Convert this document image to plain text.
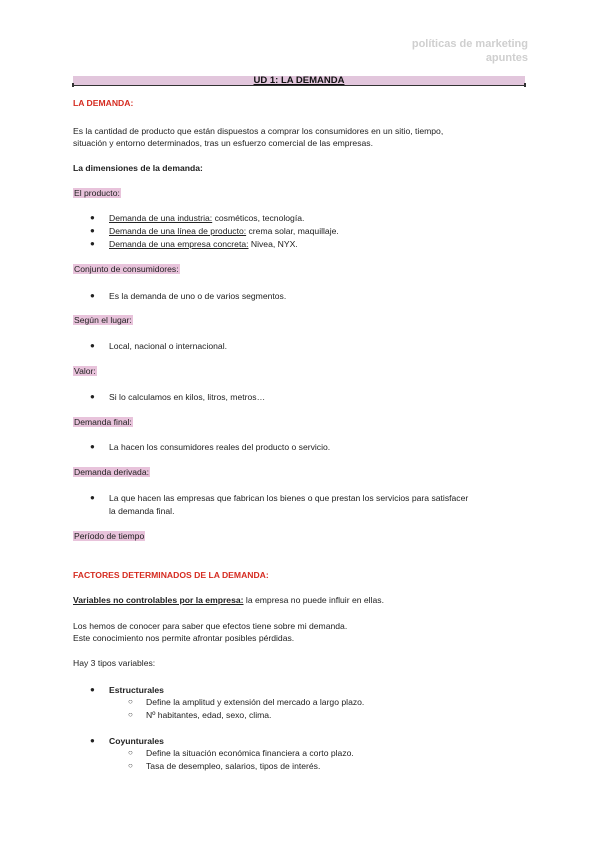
políticas de marketing
apuntes
UD 1: LA DEMANDA
LA DEMANDA:
Es la cantidad de producto que están dispuestos a comprar los consumidores en un sitio, tiempo,
situación y entorno determinados, tras un esfuerzo comercial de las empresas.
La dimensiones de la demanda:
El producto:
● Demanda de una industria: cosméticos, tecnología.
● Demanda de una línea de producto: crema solar, maquillaje.
● Demanda de una empresa concreta: Nivea, NYX.
Conjunto de consumidores:
● Es la demanda de uno o de varios segmentos.
Según el lugar:
● Local, nacional o internacional.
Valor:
● Si lo calculamos en kilos, litros, metros…
Demanda final:
● La hacen los consumidores reales del producto o servicio.
Demanda derivada:
● La que hacen las empresas que fabrican los bienes o que prestan los servicios para satisfacer
la demanda final.
Período de tiempo
FACTORES DETERMINADOS DE LA DEMANDA:
Variables no controlables por la empresa: la empresa no puede influir en ellas.
Los hemos de conocer para saber que efectos tiene sobre mi demanda.
Este conocimiento nos permite afrontar posibles pérdidas.
Hay 3 tipos variables:
● Estructurales
○ Define la amplitud y extensión del mercado a largo plazo.
○ Nº habitantes, edad, sexo, clima.
● Coyunturales
○ Define la situación económica financiera a corto plazo.
○ Tasa de desempleo, salarios, tipos de interés.
